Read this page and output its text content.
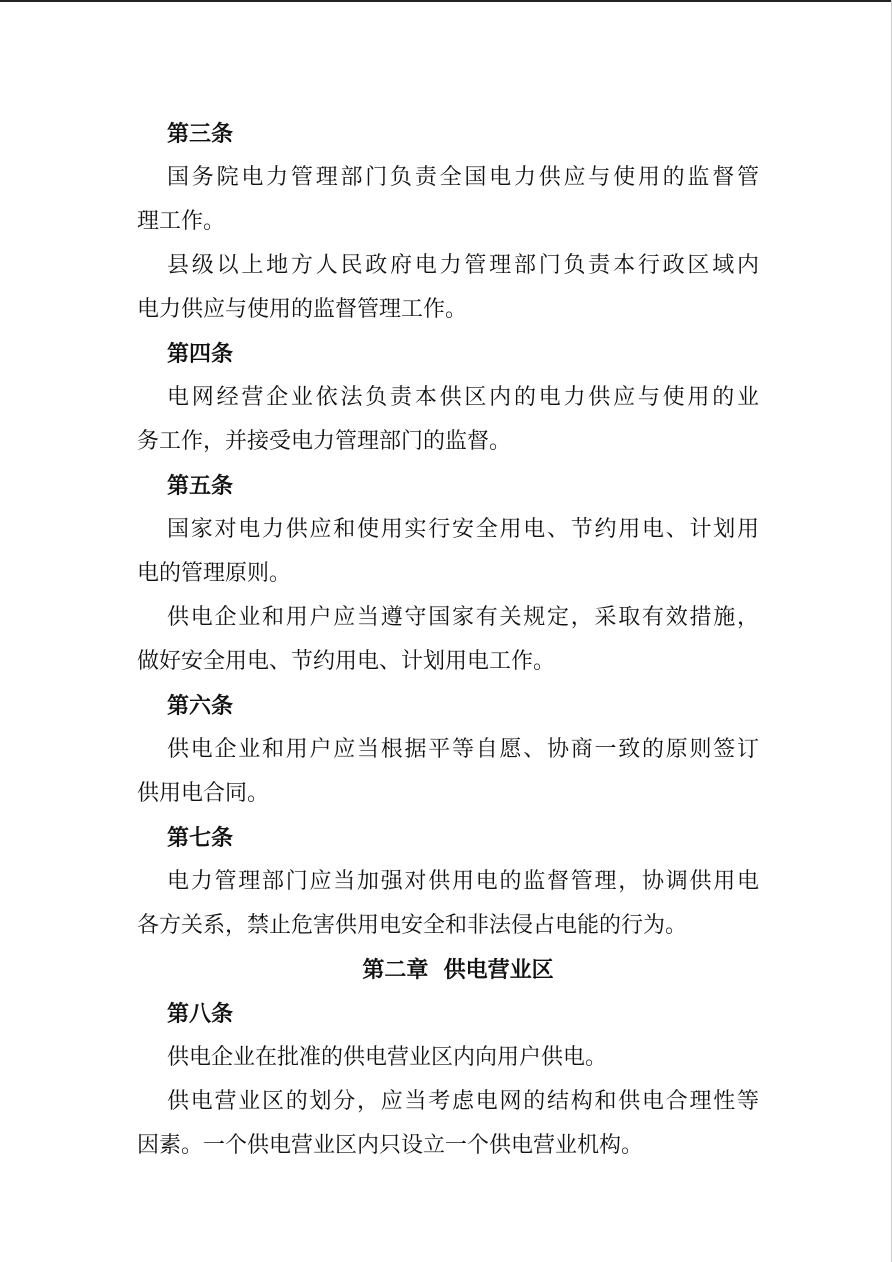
第三条
国务院电力管理部门负责全国电力供应与使用的监督管
理工作。
县级以上地方人民政府电力管理部门负责本行政区域内
电力供应与使用的监督管理工作。
第四条
电网经营企业依法负责本供区内的电力供应与使用的业
务工作，并接受电力管理部门的监督。
第五条
国家对电力供应和使用实行安全用电、节约用电、计划用
电的管理原则。
供电企业和用户应当遵守国家有关规定，采取有效措施，
做好安全用电、节约用电、计划用电工作。
第六条
供电企业和用户应当根据平等自愿、协商一致的原则签订
供用电合同。
第七条
电力管理部门应当加强对供用电的监督管理，协调供用电
各方关系，禁止危害供用电安全和非法侵占电能的行为。
第二章  供电营业区
第八条
供电企业在批准的供电营业区内向用户供电。
供电营业区的划分，应当考虑电网的结构和供电合理性等
因素。一个供电营业区内只设立一个供电营业机构。
